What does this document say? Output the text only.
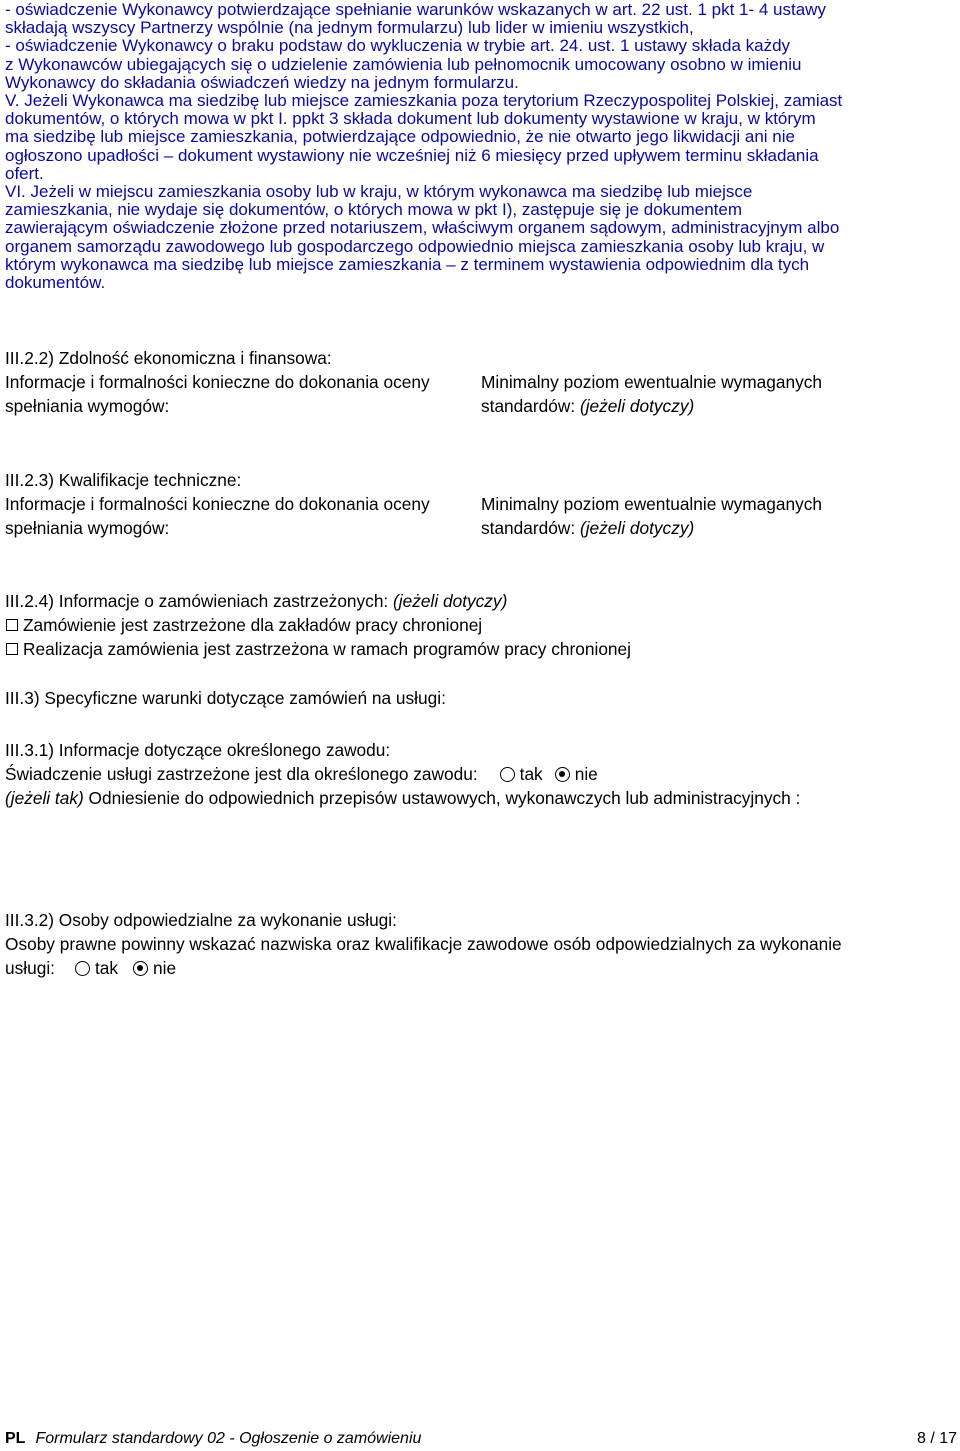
- oświadczenie Wykonawcy potwierdzające spełnianie warunków wskazanych w art. 22 ust. 1 pkt 1- 4 ustawy

składają wszyscy Partnerzy wspólnie (na jednym formularzu) lub lider w imieniu wszystkich,

- oświadczenie Wykonawcy o braku podstaw do wykluczenia w trybie art. 24. ust. 1 ustawy składa każdy

z Wykonawców ubiegających się o udzielenie zamówienia lub pełnomocnik umocowany osobno w imieniu

Wykonawcy do składania oświadczeń wiedzy na jednym formularzu.

V. Jeżeli Wykonawca ma siedzibę lub miejsce zamieszkania poza terytorium Rzeczypospolitej Polskiej, zamiast

dokumentów, o których mowa w pkt I. ppkt 3 składa dokument lub dokumenty wystawione w kraju, w którym

ma siedzibę lub miejsce zamieszkania, potwierdzające odpowiednio, że nie otwarto jego likwidacji ani nie

ogłoszono upadłości – dokument wystawiony nie wcześniej niż 6 miesięcy przed upływem terminu składania

ofert.

VI. Jeżeli w miejscu zamieszkania osoby lub w kraju, w którym wykonawca ma siedzibę lub miejsce

zamieszkania, nie wydaje się dokumentów, o których mowa w pkt I), zastępuje się je dokumentem

zawierającym oświadczenie złożone przed notariuszem, właściwym organem sądowym, administracyjnym albo

organem samorządu zawodowego lub gospodarczego odpowiednio miejsca zamieszkania osoby lub kraju, w

którym wykonawca ma siedzibę lub miejsce zamieszkania – z terminem wystawienia odpowiednim dla tych

dokumentów.

III.2.2) Zdolność ekonomiczna i finansowa:
Informacje i formalności konieczne do dokonania oceny
spełniania wymogów:
Minimalny poziom ewentualnie wymaganych
standardów: (jeżeli dotyczy)
III.2.3) Kwalifikacje techniczne:
Informacje i formalności konieczne do dokonania oceny
spełniania wymogów:
Minimalny poziom ewentualnie wymaganych
standardów: (jeżeli dotyczy)
III.2.4) Informacje o zamówieniach zastrzeżonych: (jeżeli dotyczy)
Zamówienie jest zastrzeżone dla zakładów pracy chronionej
Realizacja zamówienia jest zastrzeżona w ramach programów pracy chronionej
III.3) Specyficzne warunki dotyczące zamówień na usługi:
III.3.1) Informacje dotyczące określonego zawodu:
Świadczenie usługi zastrzeżone jest dla określonego zawodu: tak nie
(jeżeli tak) Odniesienie do odpowiednich przepisów ustawowych, wykonawczych lub administracyjnych :
III.3.2) Osoby odpowiedzialne za wykonanie usługi:
Osoby prawne powinny wskazać nazwiska oraz kwalifikacje zawodowe osób odpowiedzialnych za wykonanie
usługi: tak nie
PL Formularz standardowy 02 - Ogłoszenie o zamówieniu	8 / 17
